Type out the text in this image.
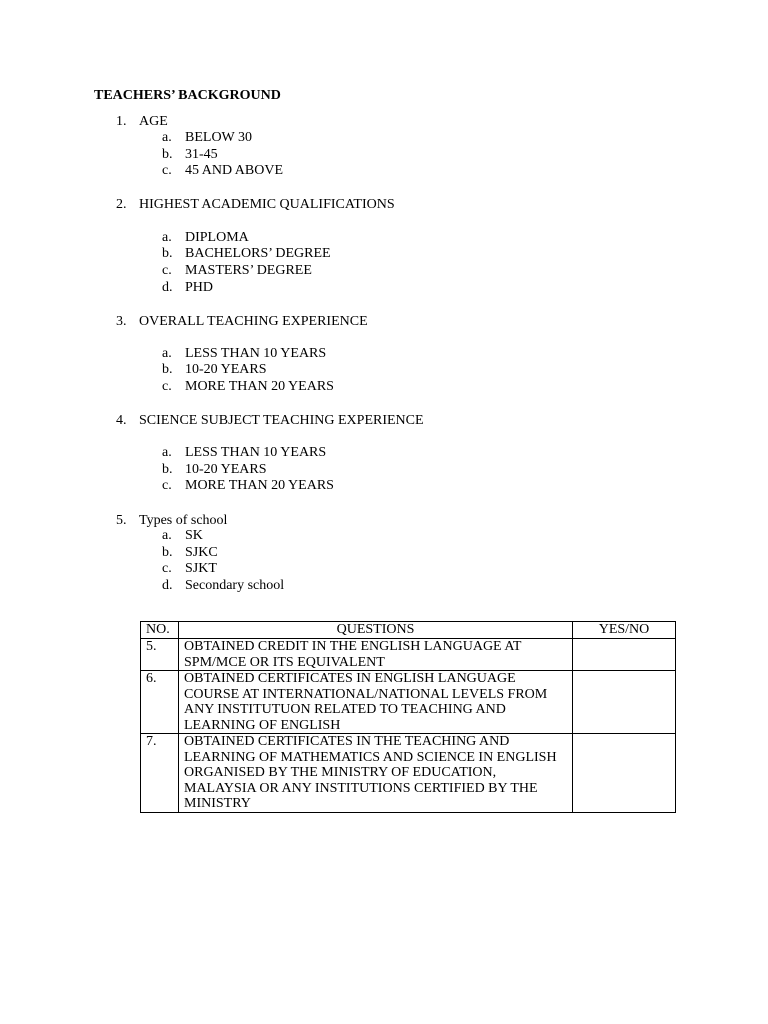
TEACHERS’ BACKGROUND
1. AGE
a. BELOW 30
b. 31-45
c. 45 AND ABOVE
2. HIGHEST ACADEMIC QUALIFICATIONS
a. DIPLOMA
b. BACHELORS’ DEGREE
c. MASTERS’ DEGREE
d. PHD
3. OVERALL TEACHING EXPERIENCE
a. LESS THAN 10 YEARS
b. 10-20 YEARS
c. MORE THAN 20 YEARS
4. SCIENCE SUBJECT TEACHING EXPERIENCE
a. LESS THAN 10 YEARS
b. 10-20 YEARS
c. MORE THAN 20 YEARS
5. Types of school
a. SK
b. SJKC
c. SJKT
d. Secondary school
NO.	QUESTIONS	YES/NO
5.	OBTAINED CREDIT IN THE ENGLISH LANGUAGE AT SPM/MCE OR ITS EQUIVALENT	
6.	OBTAINED CERTIFICATES IN ENGLISH LANGUAGE COURSE AT INTERNATIONAL/NATIONAL LEVELS FROM ANY INSTITUTUON RELATED TO TEACHING AND LEARNING OF ENGLISH	
7.	OBTAINED CERTIFICATES IN THE TEACHING AND LEARNING OF MATHEMATICS AND SCIENCE IN ENGLISH ORGANISED BY THE MINISTRY OF EDUCATION, MALAYSIA OR ANY INSTITUTIONS CERTIFIED BY THE MINISTRY	
